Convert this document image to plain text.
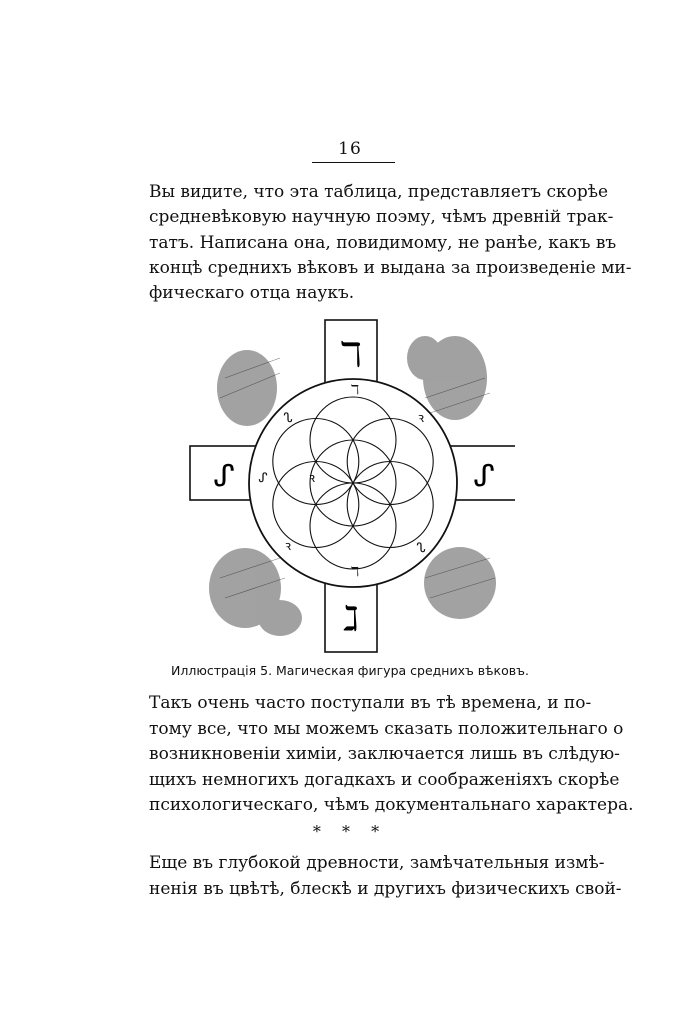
16
Вы видите, что эта таблица, представляетъ скорѣе
средневѣковую научную поэму, чѣмъ древній трак-
татъ. Написана она, повидимому, не ранѣе, какъ въ
концѣ среднихъ вѣковъ и выдана за произведеніе ми-
фическаго отца наукъ.
ℸ
ℷ
ᔑ	ᔑ
ℸ
ꝛ
ᔐ
ᔑ	ꝛ
ᔐ
ꝛ
ℸ
Иллюстрація 5. Магическая фигура среднихъ вѣковъ.
Такъ очень часто поступали въ тѣ времена, и по-
тому все, что мы можемъ сказать положительнаго о
возникновеніи химіи, заключается лишь въ слѣдую-
щихъ немногихъ догадкахъ и соображеніяхъ скорѣе
психологическаго, чѣмъ документальнаго характера.
* * *
Еще въ глубокой древности, замѣчательныя измѣ-
ненія въ цвѣтѣ, блескѣ и другихъ физическихъ свой-
